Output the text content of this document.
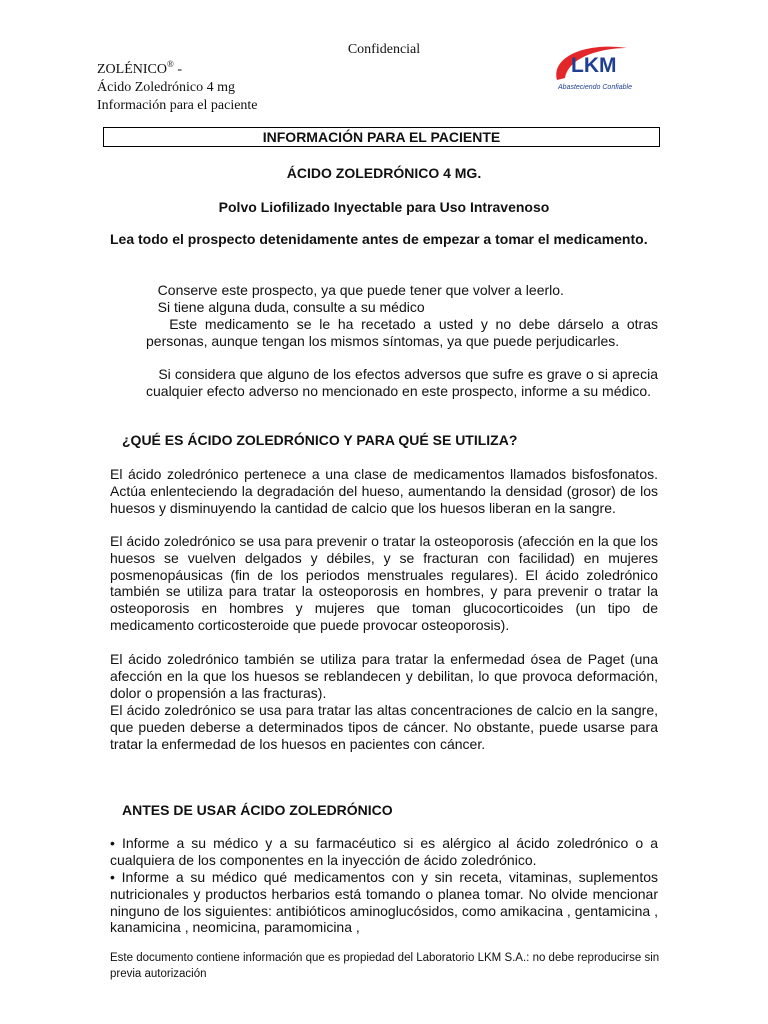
Confidencial
ZOLÉNICO® -
Ácido Zoledrónico 4 mg
Información para el paciente
LKM
Abasteciendo Confiable
INFORMACIÓN PARA EL PACIENTE
ÁCIDO ZOLEDRÓNICO 4 MG.
Polvo Liofilizado Inyectable para Uso Intravenoso
Lea todo el prospecto detenidamente antes de empezar a tomar el medicamento.
Conserve este prospecto, ya que puede tener que volver a leerlo.
Si tiene alguna duda, consulte a su médico
Este medicamento se le ha recetado a usted y no debe dárselo a otras personas, aunque tengan los mismos síntomas, ya que puede perjudicarles.
Si considera que alguno de los efectos adversos que sufre es grave o si aprecia cualquier efecto adverso no mencionado en este prospecto, informe a su médico.
¿QUÉ ES ÁCIDO ZOLEDRÓNICO Y PARA QUÉ SE UTILIZA?
El ácido zoledrónico pertenece a una clase de medicamentos llamados bisfosfonatos. Actúa enlenteciendo la degradación del hueso, aumentando la densidad (grosor) de los huesos y disminuyendo la cantidad de calcio que los huesos liberan en la sangre.
El ácido zoledrónico se usa para prevenir o tratar la osteoporosis (afección en la que los huesos se vuelven delgados y débiles, y se fracturan con facilidad) en mujeres posmenopáusicas (fin de los periodos menstruales regulares). El ácido zoledrónico también se utiliza para tratar la osteoporosis en hombres, y para prevenir o tratar la osteoporosis en hombres y mujeres que toman glucocorticoides (un tipo de medicamento corticosteroide que puede provocar osteoporosis).
El ácido zoledrónico también se utiliza para tratar la enfermedad ósea de Paget (una afección en la que los huesos se reblandecen y debilitan, lo que provoca deformación, dolor o propensión a las fracturas).
El ácido zoledrónico se usa para tratar las altas concentraciones de calcio en la sangre, que pueden deberse a determinados tipos de cáncer. No obstante, puede usarse para tratar la enfermedad de los huesos en pacientes con cáncer.
ANTES DE USAR ÁCIDO ZOLEDRÓNICO
• Informe a su médico y a su farmacéutico si es alérgico al ácido zoledrónico o a cualquiera de los componentes en la inyección de ácido zoledrónico.
• Informe a su médico qué medicamentos con y sin receta, vitaminas, suplementos nutricionales y productos herbarios está tomando o planea tomar. No olvide mencionar ninguno de los siguientes: antibióticos aminoglucósidos, como amikacina , gentamicina , kanamicina , neomicina, paramomicina ,
Este documento contiene información que es propiedad del Laboratorio LKM S.A.: no debe reproducirse sin previa autorización
